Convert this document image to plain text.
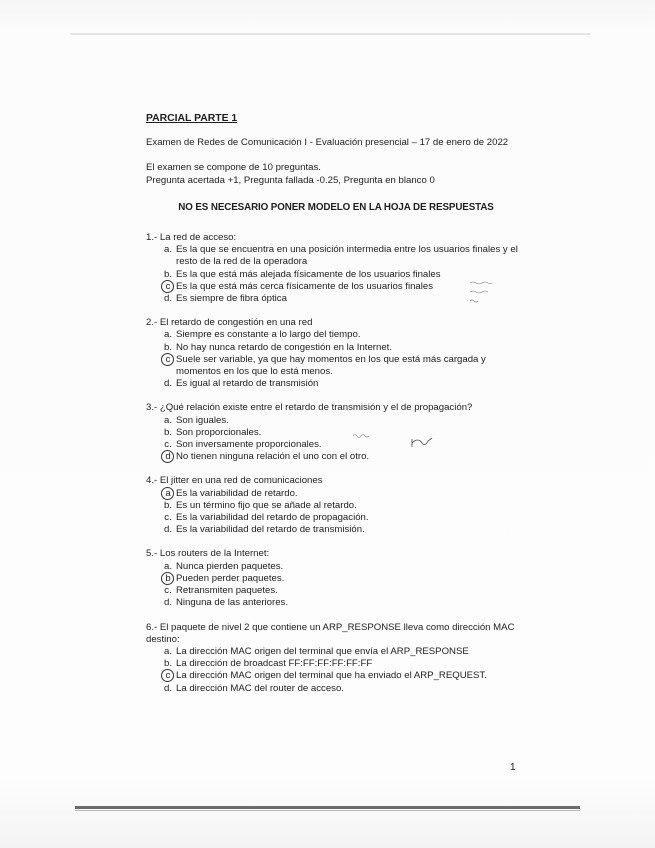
PARCIAL PARTE 1

Examen de Redes de Comunicación I - Evaluación presencial – 17 de enero de 2022

El examen se compone de 10 preguntas.

Pregunta acertada +1, Pregunta fallada -0.25, Pregunta en blanco 0

NO ES NECESARIO PONER MODELO EN LA HOJA DE RESPUESTAS

1.- La red de acceso:

a. Es la que se encuentra en una posición intermedia entre los usuarios finales y el resto de la red de la operadora
b. Es la que está más alejada físicamente de los usuarios finales
c Es la que está más cerca físicamente de los usuarios finales
d. Es siempre de fibra óptica

2.- El retardo de congestión en una red

a. Siempre es constante a lo largo del tiempo.
b. No hay nunca retardo de congestión en la Internet.
c Suele ser variable, ya que hay momentos en los que está más cargada y momentos en los que lo está menos.
d. Es igual al retardo de transmisión

3.- ¿Qué relación existe entre el retardo de transmisión y el de propagación?

a. Son iguales.
b. Son proporcionales.
c. Son inversamente proporcionales.
d No tienen ninguna relación el uno con el otro.

4.- El jitter en una red de comunicaciones

a Es la variabilidad de retardo.
b. Es un término fijo que se añade al retardo.
c. Es la variabilidad del retardo de propagación.
d. Es la variabilidad del retardo de transmisión.

5.- Los routers de la Internet:

a. Nunca pierden paquetes.
b Pueden perder paquetes.
c. Retransmiten paquetes.
d. Ninguna de las anteriores.

6.- El paquete de nivel 2 que contiene un ARP_RESPONSE lleva como dirección MAC destino:

a. La dirección MAC origen del terminal que envía el ARP_RESPONSE
b. La dirección de broadcast FF:FF:FF:FF:FF:FF
c La dirección MAC origen del terminal que ha enviado el ARP_REQUEST.
d. La dirección MAC del router de acceso.
1
